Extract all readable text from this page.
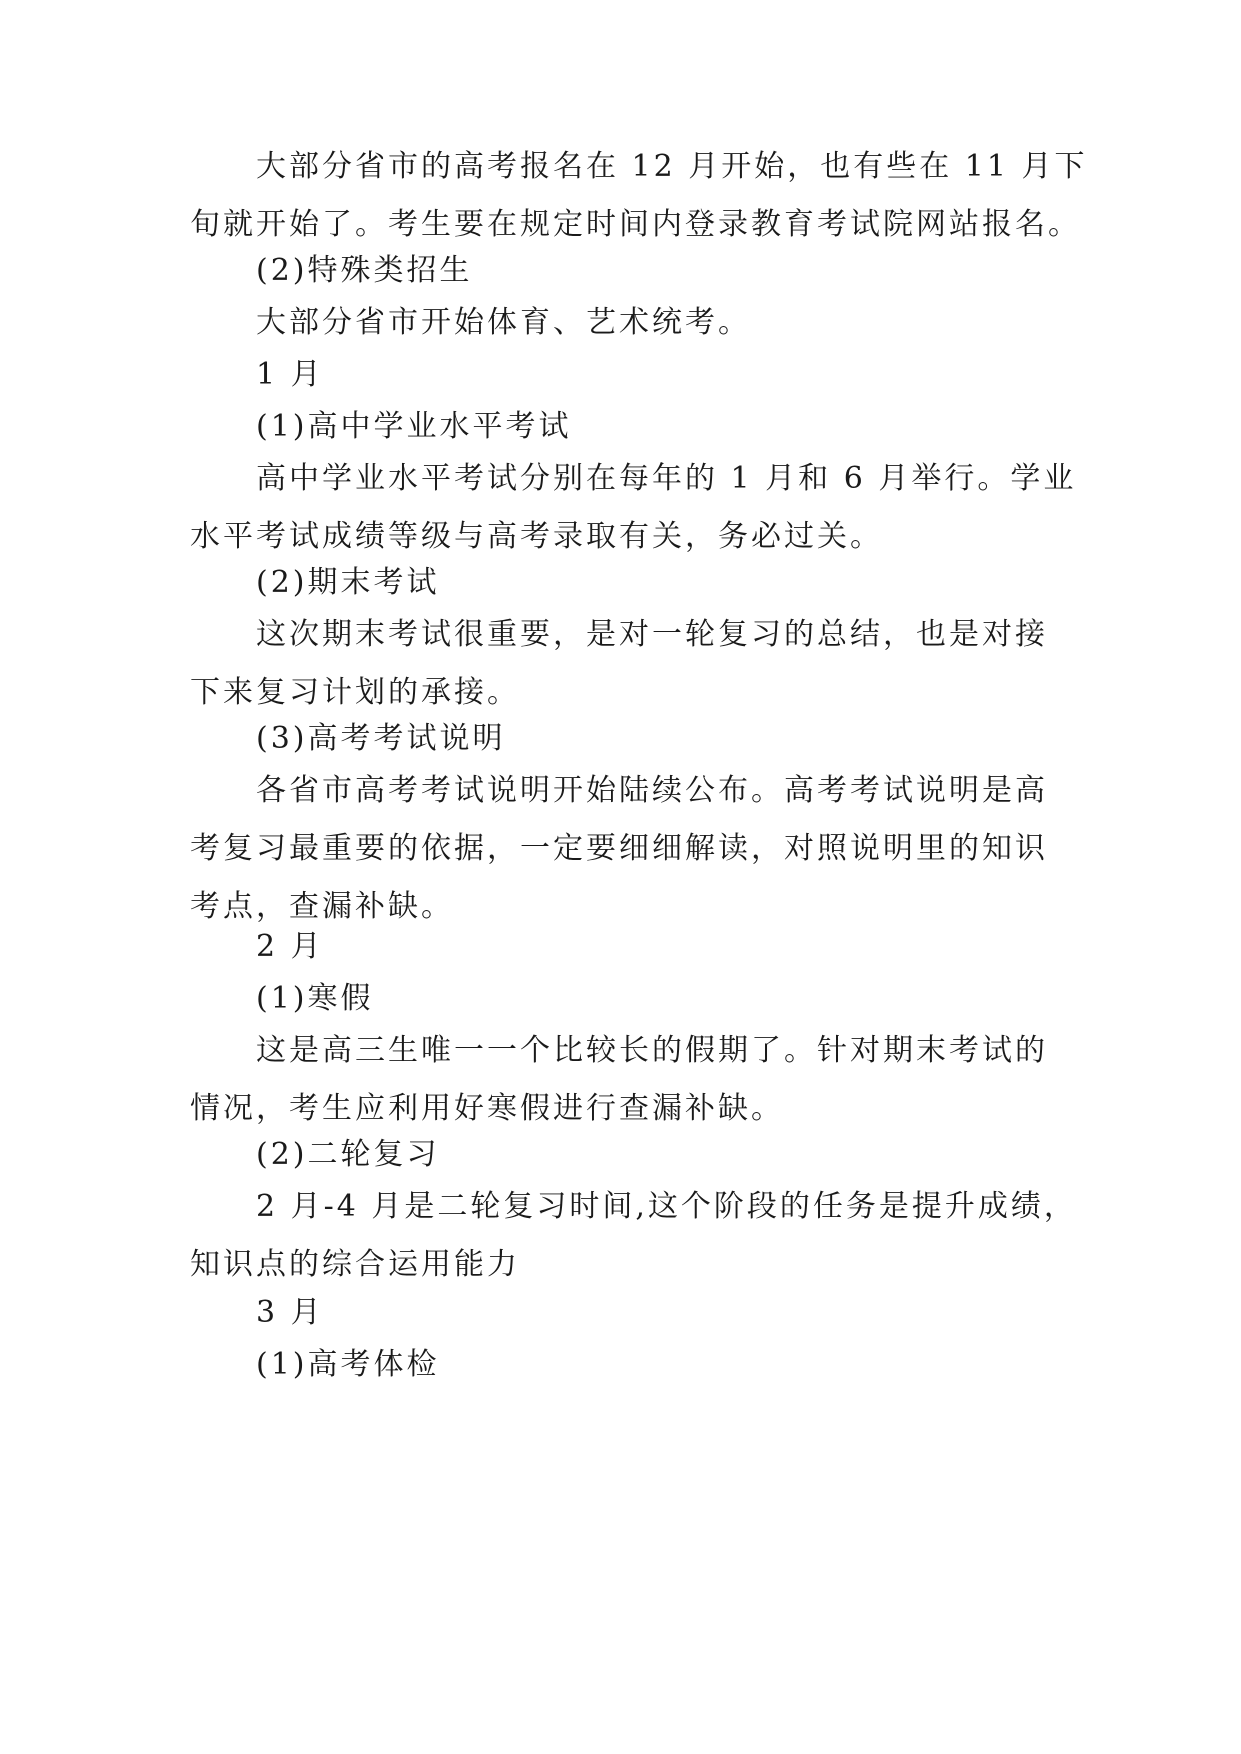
大部分省市的高考报名在 12 月开始，也有些在 11 月下
旬就开始了。考生要在规定时间内登录教育考试院网站报名。

(2)特殊类招生

大部分省市开始体育、艺术统考。

1 月

(1)高中学业水平考试

高中学业水平考试分别在每年的 1 月和 6 月举行。学业
水平考试成绩等级与高考录取有关，务必过关。

(2)期末考试

这次期末考试很重要，是对一轮复习的总结，也是对接
下来复习计划的承接。

(3)高考考试说明

各省市高考考试说明开始陆续公布。高考考试说明是高
考复习最重要的依据，一定要细细解读，对照说明里的知识
考点，查漏补缺。

2 月

(1)寒假

这是高三生唯一一个比较长的假期了。针对期末考试的
情况，考生应利用好寒假进行查漏补缺。

(2)二轮复习

2 月-4 月是二轮复习时间,这个阶段的任务是提升成绩，
知识点的综合运用能力

3 月

(1)高考体检
